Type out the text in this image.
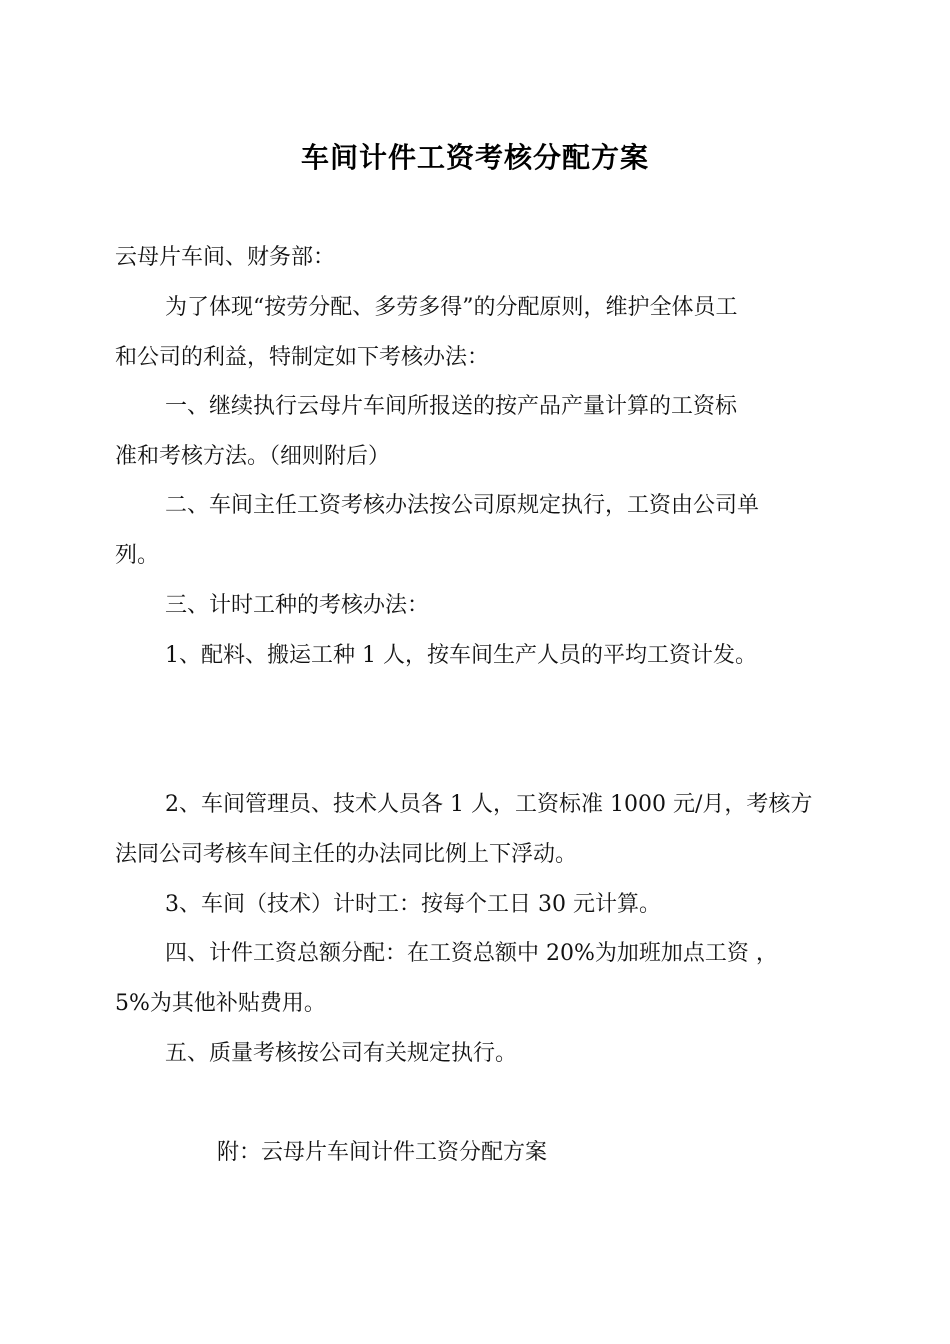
车间计件工资考核分配方案
云母片车间、财务部：
为了体现“按劳分配、多劳多得”的分配原则，维护全体员工
和公司的利益，特制定如下考核办法：
一、继续执行云母片车间所报送的按产品产量计算的工资标
准和考核方法。（细则附后）
二、车间主任工资考核办法按公司原规定执行，工资由公司单
列。
三、计时工种的考核办法：
1、配料、搬运工种 1 人，按车间生产人员的平均工资计发。
2、车间管理员、技术人员各 1 人，工资标准 1000 元/月，考核方
法同公司考核车间主任的办法同比例上下浮动。
3、车间（技术）计时工：按每个工日 30 元计算。
四、计件工资总额分配：在工资总额中 20%为加班加点工资 ，
5%为其他补贴费用。
五、质量考核按公司有关规定执行。
附：云母片车间计件工资分配方案
